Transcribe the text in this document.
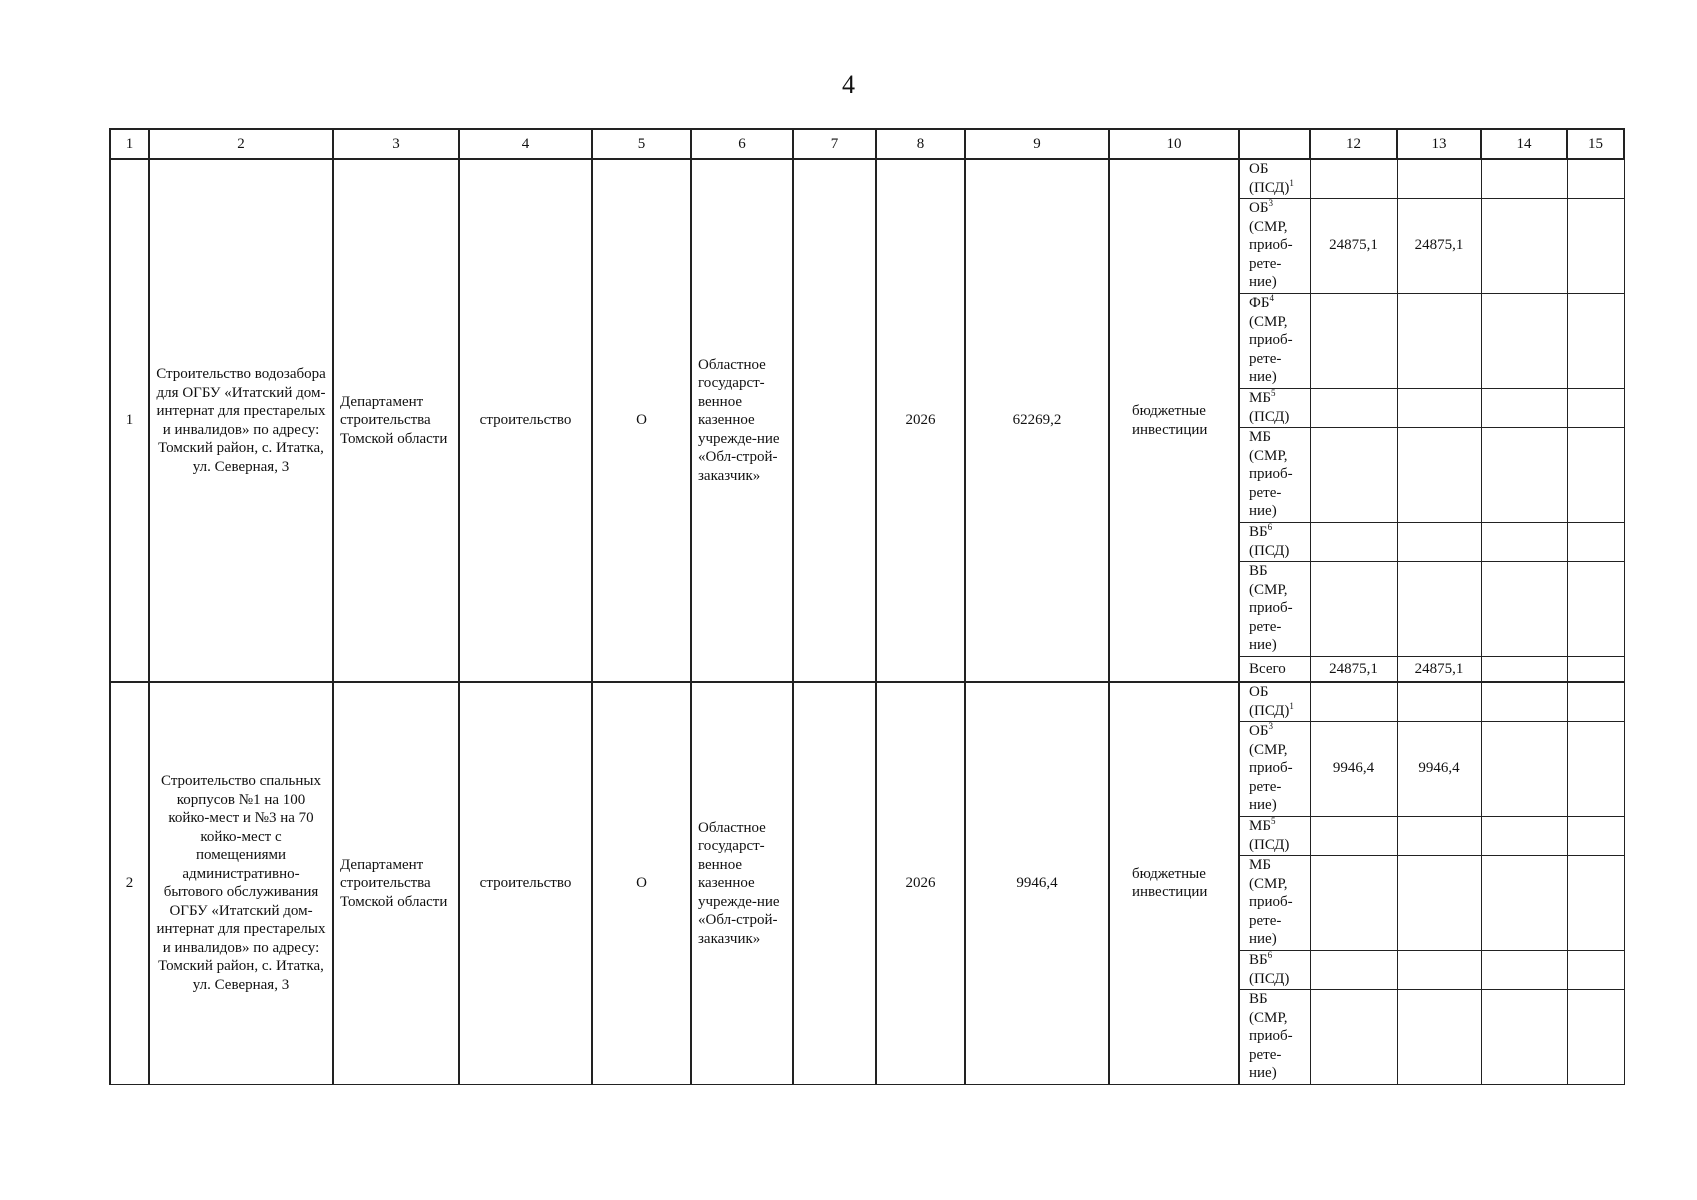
4
1	2	3	4	5	6	7	8	9	10		12	13	14	15
1	Строительство водозабора для ОГБУ «Итатский дом-интернат для престарелых и инвалидов» по адресу: Томский район, с. Итатка, ул. Северная, 3	Департамент строительства Томской области	строительство	О	Областное государст-венное казенное учрежде-ние «Обл-строй-заказчик»		2026	62269,2	бюджетные инвестиции	ОБ (ПСД)$^1$				
										$ОБ^3$ (СМР, приоб-рете-ние)	24875,1	24875,1		
										$ФБ^4$ (СМР, приоб-рете-ние)				
										$МБ^5$ (ПСД)				
										МБ (СМР, приоб-рете-ние)				
										$ВБ^6$ (ПСД)				
										ВБ (СМР, приоб-рете-ние)				
										Всего	24875,1	24875,1		
2	Строительство спальных корпусов №1 на 100 койко-мест и №3 на 70 койко-мест с помещениями административно-бытового обслуживания ОГБУ «Итатский дом-интернат для престарелых и инвалидов» по адресу: Томский район, с. Итатка, ул. Северная, 3	Департамент строительства Томской области	строительство	О	Областное государст-венное казенное учрежде-ние «Обл-строй-заказчик»		2026	9946,4	бюджетные инвестиции	ОБ (ПСД)$^1$				
										$ОБ^3$ (СМР, приоб-рете-ние)	9946,4	9946,4		
										$МБ^5$ (ПСД)				
										МБ (СМР, приоб-рете-ние)				
										$ВБ^6$ (ПСД)				
										ВБ (СМР, приоб-рете-ние)				
